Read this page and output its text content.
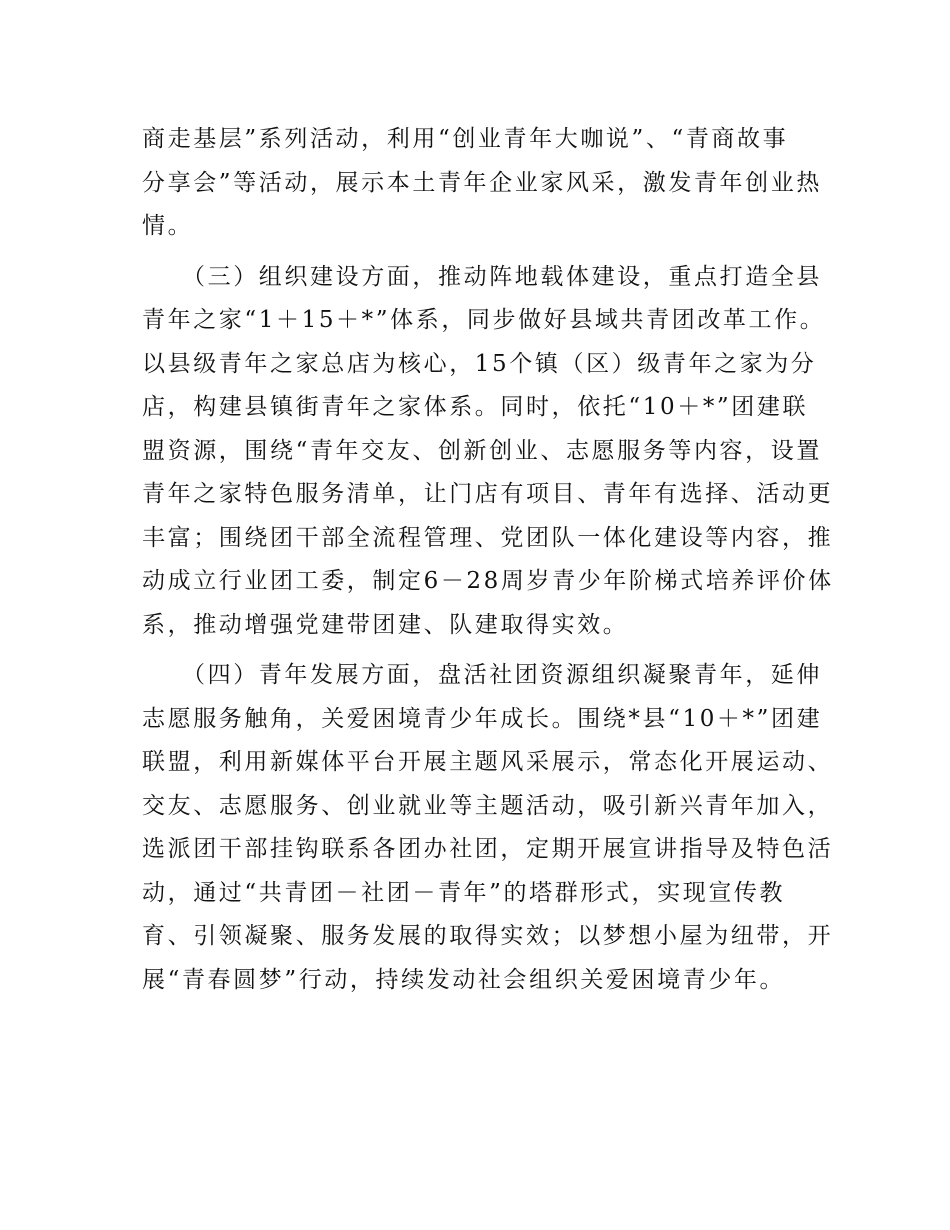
商走基层”系列活动，利用“创业青年大咖说”、“青商故事
分享会”等活动，展示本土青年企业家风采，激发青年创业热
情。

（三）组织建设方面，推动阵地载体建设，重点打造全县
青年之家“1＋15＋*”体系，同步做好县域共青团改革工作。
以县级青年之家总店为核心，15个镇（区）级青年之家为分
店，构建县镇街青年之家体系。同时，依托“10＋*”团建联
盟资源，围绕“青年交友、创新创业、志愿服务等内容，设置
青年之家特色服务清单，让门店有项目、青年有选择、活动更
丰富；围绕团干部全流程管理、党团队一体化建设等内容，推
动成立行业团工委，制定6－28周岁青少年阶梯式培养评价体
系，推动增强党建带团建、队建取得实效。

（四）青年发展方面，盘活社团资源组织凝聚青年，延伸
志愿服务触角，关爱困境青少年成长。围绕*县“10＋*”团建
联盟，利用新媒体平台开展主题风采展示，常态化开展运动、
交友、志愿服务、创业就业等主题活动，吸引新兴青年加入，
选派团干部挂钩联系各团办社团，定期开展宣讲指导及特色活
动，通过“共青团－社团－青年”的塔群形式，实现宣传教
育、引领凝聚、服务发展的取得实效；以梦想小屋为纽带，开
展“青春圆梦”行动，持续发动社会组织关爱困境青少年。
